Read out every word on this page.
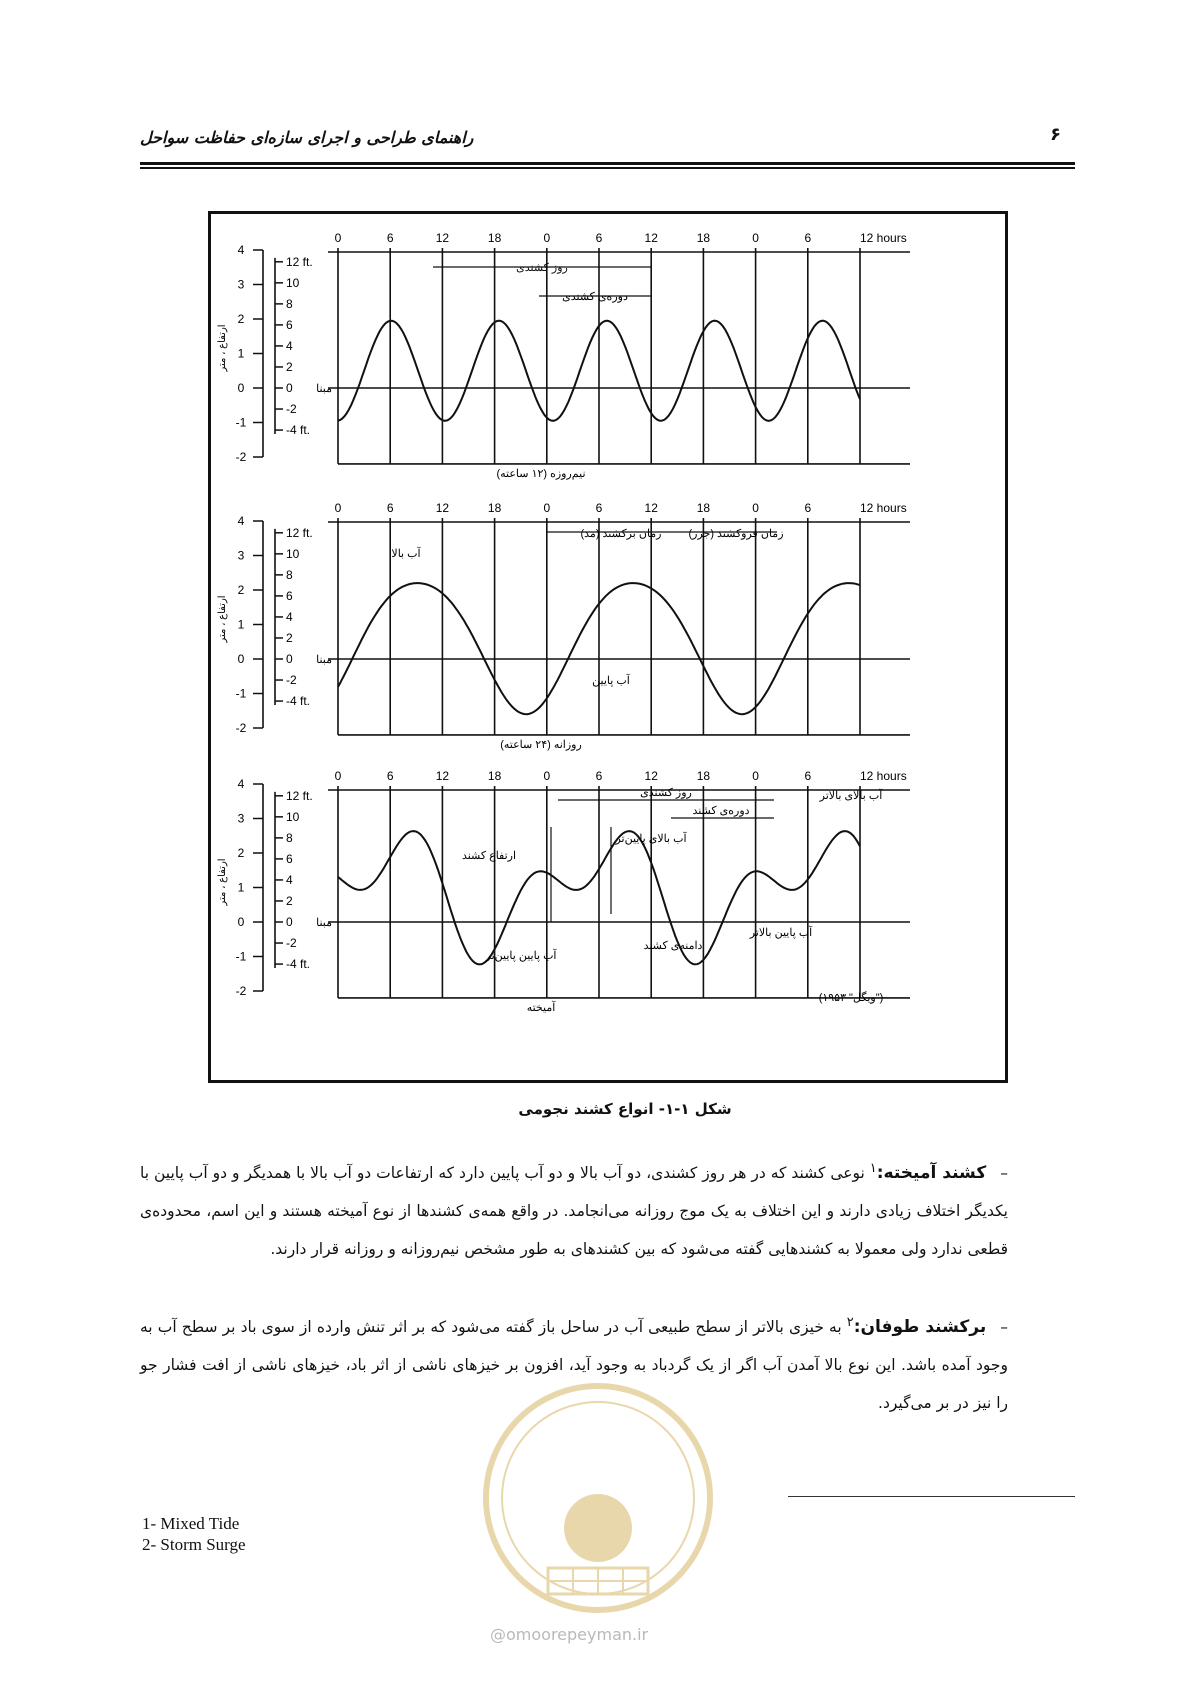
راهنمای طراحی و اجرای سازه‌ای حفاظت سواحل	۶
0	6	12	18	0	6	12	18	0	6	12 hours
مبنا
4
3
2
1
0
-1
-2
ارتفاع ، متر
12 ft.
10
8
6
4
2
0
-2
-4 ft.
نیم‌روزه (۱۲ ساعته)
0	6	12	18	0	6	12	18	0	6	12 hours
مبنا
4
3
2
1
0
-1
-2
ارتفاع ، متر
12 ft.
10
8
6
4
2
0
-2
-4 ft.
روزانه (۲۴ ساعته)
0	6	12	18	0	6	12	18	0	6	12 hours
مبنا
4
3
2
1
0
-1
-2
ارتفاع ، متر
12 ft.
10
8
6
4
2
0
-2
-4 ft.
آمیخته
روز کشندی
دوره‌ی کشندی
آب بالا
آب پایین
زمان برکشند (مد) زمان فروکشند (جزر)
روز کشندی
دوره‌ی کشند
آب بالای بالاتر
آب بالای پایین‌تر
ارتفاع کشند
دامنه‌ی کشند
آب پایین پایین‌تر
آب پایین بالاتر
("ویگل" ۱۹۵۳)
شکل ۱-۱- انواع کشند نجومی
–کشند آمیخته:$^۱$ نوعی کشند که در هر روز کشندی، دو آب بالا و دو آب پایین دارد که ارتفاعات دو آب بالا با همدیگر و دو آب پایین با یکدیگر اختلاف زیادی دارند و این اختلاف به یک موج روزانه می‌انجامد. در واقع همه‌ی کشندها از نوع آمیخته هستند و این اسم، محدوده‌ی قطعی ندارد ولی معمولا به کشندهایی گفته می‌شود که بین کشندهای به طور مشخص نیم‌روزانه و روزانه قرار دارند.
–برکشند طوفان:$^۲$ به خیزی بالاتر از سطح طبیعی آب در ساحل باز گفته می‌شود که بر اثر تنش وارده از سوی باد بر سطح آب به وجود آمده باشد. این نوع بالا آمدن آب اگر از یک گردباد به وجود آید، افزون بر خیزهای ناشی از اثر باد، خیزهای ناشی از افت فشار جو را نیز در بر می‌گیرد.
1- Mixed Tide
2- Storm Surge
@omoorepeyman.ir
